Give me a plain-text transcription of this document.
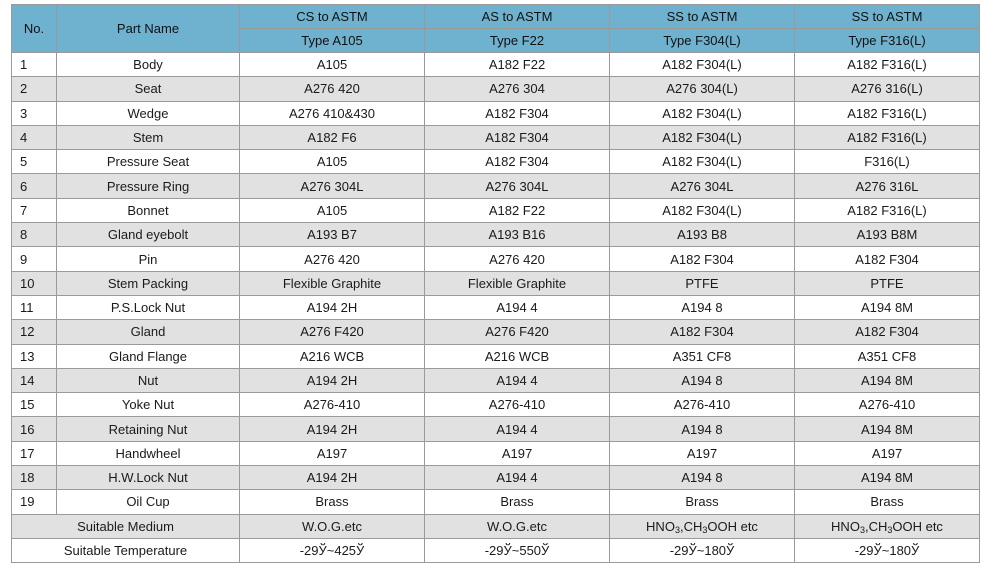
No.	Part Name	CS to ASTM	AS to ASTM	SS to ASTM	SS to ASTM
		Type A105	Type F22	Type F304(L)	Type F316(L)
1	Body	A105	A182 F22	A182 F304(L)	A182 F316(L)
2	Seat	A276 420	A276 304	A276 304(L)	A276 316(L)
3	Wedge	A276 410&430	A182 F304	A182 F304(L)	A182 F316(L)
4	Stem	A182 F6	A182 F304	A182 F304(L)	A182 F316(L)
5	Pressure Seat	A105	A182 F304	A182 F304(L)	F316(L)
6	Pressure Ring	A276 304L	A276 304L	A276 304L	A276 316L
7	Bonnet	A105	A182 F22	A182 F304(L)	A182 F316(L)
8	Gland eyebolt	A193 B7	A193 B16	A193 B8	A193 B8M
9	Pin	A276 420	A276 420	A182 F304	A182 F304
10	Stem Packing	Flexible Graphite	Flexible Graphite	PTFE	PTFE
11	P.S.Lock Nut	A194 2H	A194 4	A194 8	A194 8M
12	Gland	A276 F420	A276 F420	A182 F304	A182 F304
13	Gland Flange	A216 WCB	A216 WCB	A351 CF8	A351 CF8
14	Nut	A194 2H	A194 4	A194 8	A194 8M
15	Yoke Nut	A276-410	A276-410	A276-410	A276-410
16	Retaining Nut	A194 2H	A194 4	A194 8	A194 8M
17	Handwheel	A197	A197	A197	A197
18	H.W.Lock Nut	A194 2H	A194 4	A194 8	A194 8M
19	Oil Cup	Brass	Brass	Brass	Brass
Suitable Medium		W.O.G.etc	W.O.G.etc	$HNO_3,CH_3OOH$ etc	$HNO_3,CH_3OOH$ etc
Suitable Temperature		-29Ў~425Ў	-29Ў~550Ў	-29Ў~180Ў	-29Ў~180Ў
